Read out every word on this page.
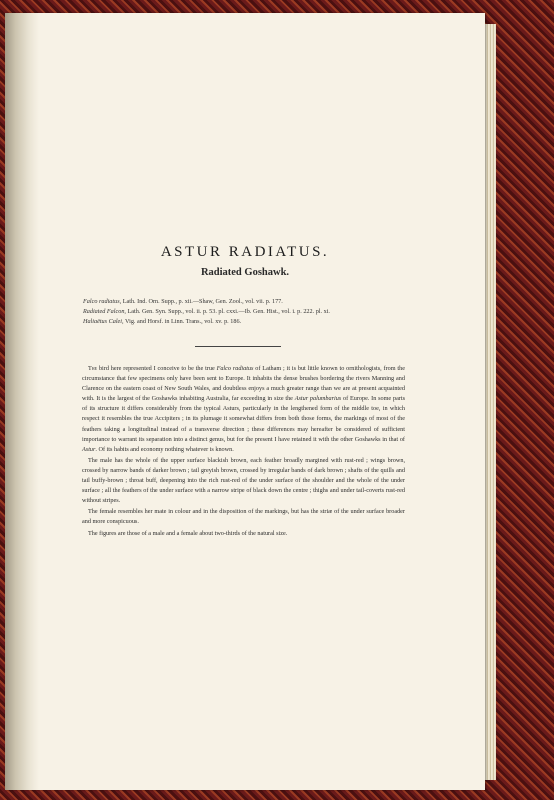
ASTUR RADIATUS.
Radiated Goshawk.
Falco radiatus, Lath. Ind. Orn. Supp., p. xii.—Shaw, Gen. Zool., vol. vii. p. 177.
Radiated Falcon, Lath. Gen. Syn. Supp., vol. ii. p. 53. pl. cxxi.—Ib. Gen. Hist., vol. i. p. 222. pl. xi.
Haliaëtus Calei, Vig. and Horsf. in Linn. Trans., vol. xv. p. 186.

The bird here represented I conceive to be the true Falco radiatus of Latham ; it is but little known to ornithologists, from the circumstance that few specimens only have been sent to Europe. It inhabits the dense brushes bordering the rivers Manning and Clarence on the eastern coast of New South Wales, and doubtless enjoys a much greater range than we are at present acquainted with. It is the largest of the Goshawks inhabiting Australia, far exceeding in size the Astur palumbarius of Europe. In some parts of its structure it differs considerably from the typical Asturs, particularly in the lengthened form of the middle toe, in which respect it resembles the true Accipiters ; in its plumage it somewhat differs from both those forms, the markings of most of the feathers taking a longitudinal instead of a transverse direction ; these differences may hereafter be considered of sufficient importance to warrant its separation into a distinct genus, but for the present I have retained it with the other Goshawks in that of Astur. Of its habits and economy nothing whatever is known.

The male has the whole of the upper surface blackish brown, each feather broadly margined with rust-red ; wings brown, crossed by narrow bands of darker brown ; tail greyish brown, crossed by irregular bands of dark brown ; shafts of the quills and tail buffy-brown ; throat buff, deepening into the rich rust-red of the under surface of the shoulder and the whole of the under surface ; all the feathers of the under surface with a narrow stripe of black down the centre ; thighs and under tail-coverts rust-red without stripes.

The female resembles her mate in colour and in the disposition of the markings, but has the striæ of the under surface broader and more conspicuous.

The figures are those of a male and a female about two-thirds of the natural size.
